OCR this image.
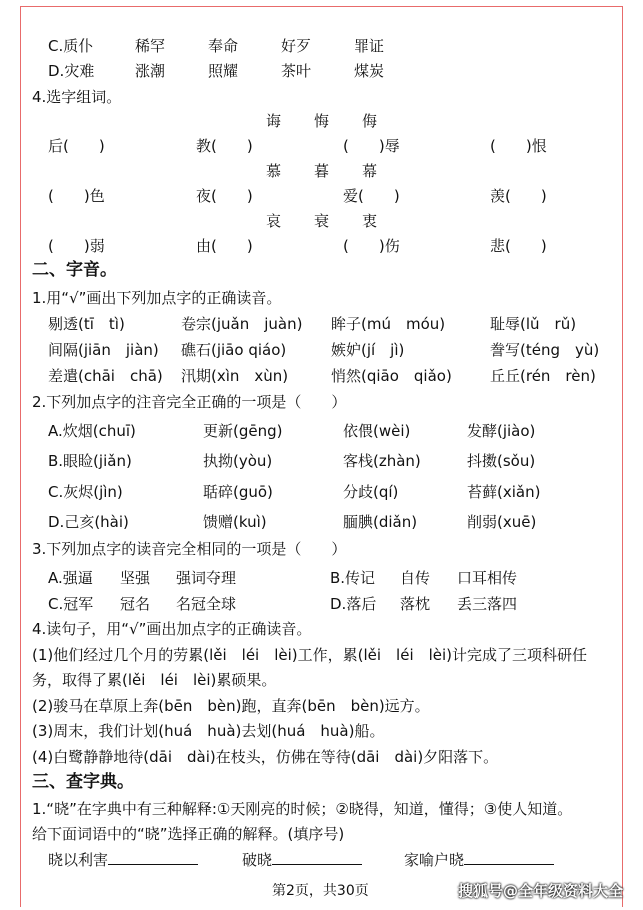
C.质仆	稀罕	奉命	好歹	罪证
D.灾难	涨潮	照耀	茶叶	煤炭
4.选字组词。
诲 悔 侮
后(　　)	教(　　)	(　　)辱	(　　)恨
慕 暮 幕
(　　)色	夜(　　)	爱(　　)	羡(　　)
哀 衰 衷
(　　)弱	由(　　)	(　　)伤	悲(　　)
二、字音。
1.用“√”画出下列加点字的正确读音。
剔透(tī　tì)	卷宗(juǎn　juàn) 眸子(mú　móu)	耻辱(lǔ　rǔ)
间隔(jiān　jiàn) 礁石(jiāo qiáo)	嫉妒(jí　jì)	誊写(téng　yù)
差遣(chāi　chā) 汛期(xìn　xùn)	悄然(qiāo　qiǎo)	丘丘(rén　rèn)
2.下列加点字的注音完全正确的一项是（　　）
A.炊烟(chuī)	更新(gēng)	依偎(wèi)	发酵(jiào)
B.眼睑(jiǎn)	执拗(yòu)	客栈(zhàn)	抖擞(sǒu)
C.灰烬(jìn)	聒碎(guō)	分歧(qí)	苔藓(xiǎn)
D.己亥(hài)	馈赠(kuì)	腼腆(diǎn)	削弱(xuē)
3.下列加点字的读音完全相同的一项是（　　）
A.强逼 坚强 强词夺理	B.传记 自传 口耳相传
C.冠军 冠名 名冠全球	D.落后 落枕 丢三落四
4.读句子，用“√”画出加点字的正确读音。
(1)他们经过几个月的劳累(lěi　léi　lèi)工作，累(lěi　léi　lèi)计完成了三项科研任
务，取得了累(lěi　léi　lèi)累硕果。
(2)骏马在草原上奔(bēn　bèn)跑，直奔(bēn　bèn)远方。
(3)周末，我们计划(huá　huà)去划(huá　huà)船。
(4)白鹭静静地待(dāi　dài)在枝头，仿佛在等待(dāi　dài)夕阳落下。
三、查字典。
1.“晓”在字典中有三种解释:①天刚亮的时候；②晓得，知道，懂得；③使人知道。
给下面词语中的“晓”选择正确的解释。(填序号)
晓以利害	破晓	家喻户晓
第2页，共30页	搜狐号@全年级资料大全
